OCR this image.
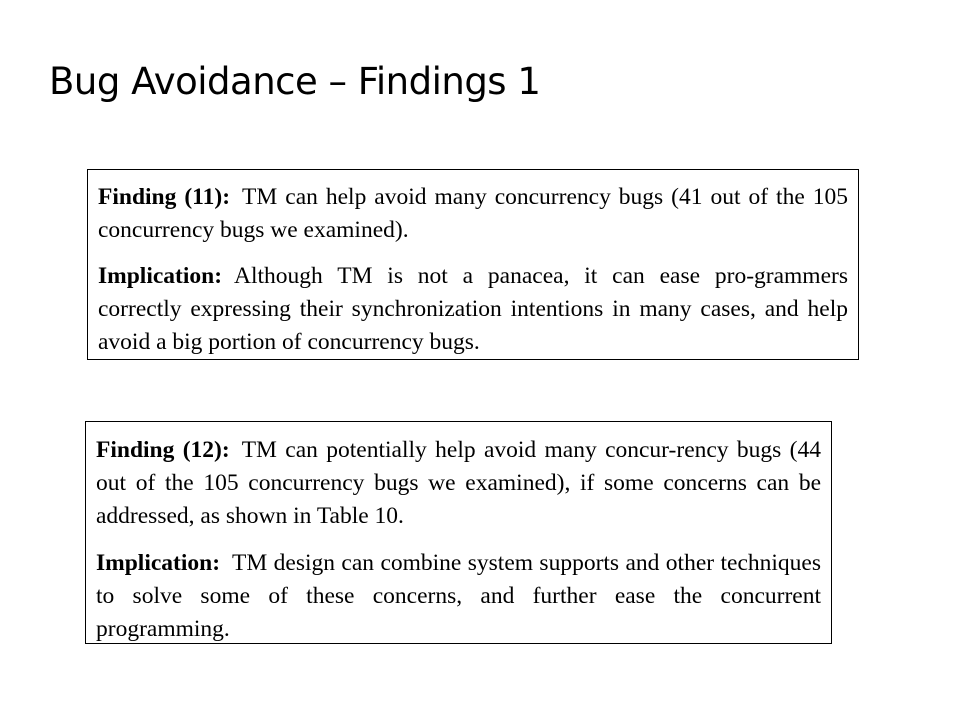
Bug Avoidance – Findings 1

Finding (11): TM can help avoid many concurrency bugs (41 out of the 105 concurrency bugs we examined).

Implication: Although TM is not a panacea, it can ease pro-grammers correctly expressing their synchronization intentions in many cases, and help avoid a big portion of concurrency bugs.

Finding (12): TM can potentially help avoid many concur-rency bugs (44 out of the 105 concurrency bugs we examined), if some concerns can be addressed, as shown in Table 10.

Implication: TM design can combine system supports and other techniques to solve some of these concerns, and further ease the concurrent programming.
